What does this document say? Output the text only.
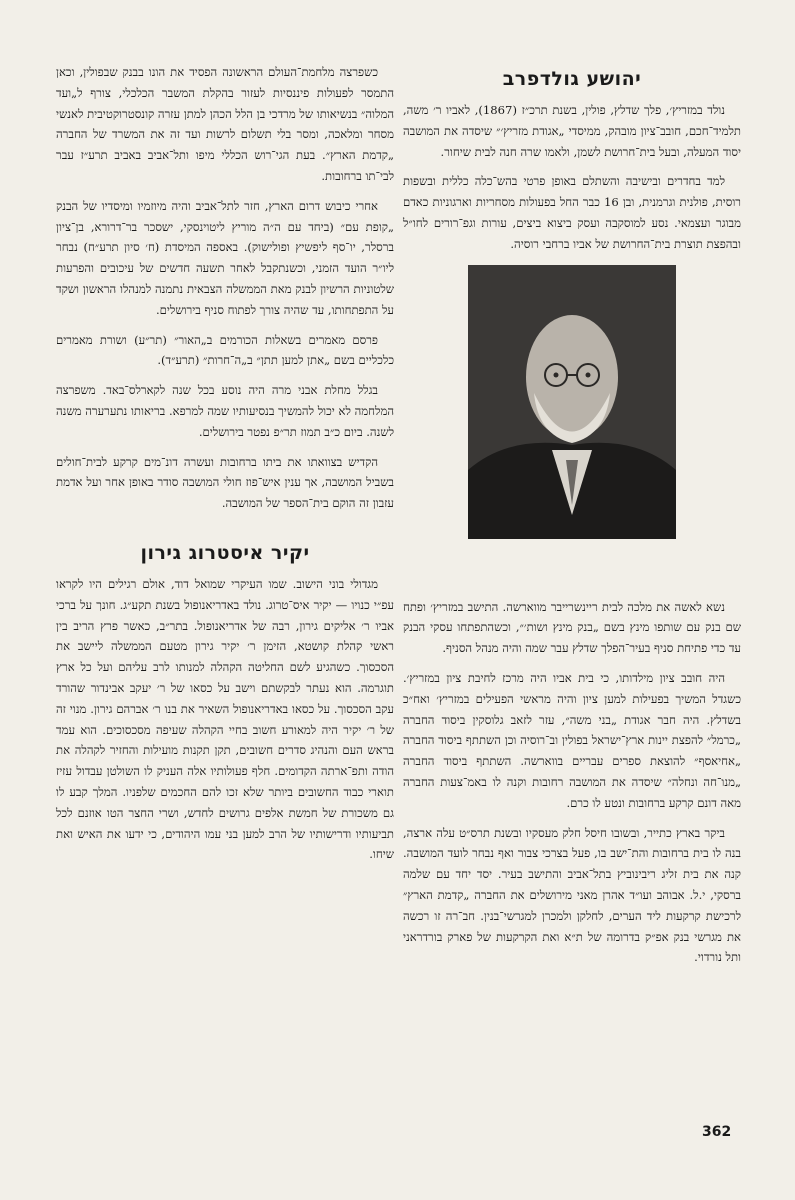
יהושע גולדפרב

נולד במזריץ׳, פלך שדלץ, פולין, בשנת תרכ״ז (1867), לאביו ר׳ משה, תלמיד־חכם, חובב־ציון מובהק, ממיסדי „אגודת מזריץ׳״ שיסדה את המושבה יסוד המעלה, ובעל בית־חרושת לשמן, ולאמו שרה חנה לבית שיחור.

למד בחדרים ובישיבה והשתלם באופן פרטי בהש־כלה כללית ובשפות רוסית, פולנית וגרמנית, ובן 16 כבר החל בפעולות מסחריות וארגוניות כאדם מבוגר ועצמאי. נסע למוסקבה ועסק ביצוא ביצים, עורות וגפ־רורים לחו״ל ובהפצת תוצרת בית־החרושת של אביו ברחבי רוסיה.

נשא לאשה את מלכה לבית ריינשרייבר מווארשה. התישב במזריץ׳ ופתח שם בנק עם שותפו מינץ בשם „בנק מינץ ושות׳״, וכשהתפתחו עסקי הבנק עד כדי פתיחת סניף בעיר־הפלך שדלץ עבר שמה והיה מנהל הסניף.

היה חובב ציון מילדותו, כי בית אביו היה מרכז לחיבת ציון במזריץ׳. כשגדל המשיך בפעילות למען ציון והיה מראשי הפעילים במזריץ׳ ואח״כ בשדלץ. היה חבר אגודת „בני משה״, עזר לזאב גלוסקין ביסוד החברה „כרמל״ להפצת יינות ארץ־ישראל בפולין וב־רוסיה וכן השתתף ביסוד החברה „אחיאסף״ להוצאת ספרים עבריים בווארשה. השתתף ביסוד החברה „מנו־חה ונחלה״ שיסדה את המושבה רחובות וקנה לו באמ־צעות החברה מאה דונם קרקע ברחובות ונטע לו כרם.

ביקר בארץ כתייר, ובשובו חיסל חלק מעסקיו ובשנת תרס״ט עלה ארצה, בנה לו בית ברחובות והת־ישב בו, פעל בצרכי צבור ואף נבחר לועד המושבה. קנה את בית זליג ריבינוביץ בתל־אביב והתישב בעיר. יסד יחד עם שלמה ברסקי, י.ל. אבוהב ועו״ד אהרן מאני מירושלים את החברה „קדמת הארץ״ לרכישת קרקעות ליד הערים, לחלקן ולמכרן למגרשי־בנין. חב־רה זו רכשה את מגרשי בנק אפ״ק בדרומה של ת״א ואת הקרקעות של פארק בורדראני ותל נורדוי.

כשפרצה מלחמת־העולם הראשונה הפסיד את הונו בבנק שבפולין, וכאן התמסר לפעולות פיננסיות לעזור בהקלת המשבר הכלכלי, צורף ל„ועד המלוה״ בנשיאותו של מרדכי בן הלל הכהן למתן עזרה קונסטרוקטיבית לאנשי מסחר ומלאכה, ומסר בלי תשלום לרשות ועד זה את המשרד של החברה „קדמת הארץ״. בעת הגי־רוש הכללי מיפו ותל־אביב באביב תרע״ז עבר לבי־תו ברחובות.

אחרי כיבוש דרום הארץ, חזר לתל־אביב והיה מיוזמיו ומיסדיו של הבנק „קופת עם״ (ביחד עם ה״ה מוריץ ליטוינסקי, ישסכר בר־דרורא, בן־ציון ברסלר, יו־סף ליפשיץ ופולישוק). באספה המיסדת (ח׳ סיון תרע״ח) נבחר ליו״ר הועד הזמני, וכשנתקבל לאחר תשעה חדשים של עיכובים והפרעות שלטוניות הרשיון לבנק מאת הממשלה הצבאית נתמנה למנהלו הראשון ושקד על התפתחותו, עד שהיה צורך לפתוח סניף בירושלים.

פרסם מאמרים בשאלות הכורמים ב„האור״ (תר״ע) ושורת מאמרים כלכליים בשם „אתן למען תתן״ ב„ה־חרות״ (תרע״ד).

בגלל מחלת אבני מרה היה נוסע בכל שנה לקארלס־באד. משפרצה המלחמה לא יכול להמשיך בנסיעותיו שמה למרפא. בריאותו נתערערה משנה לשנה. ביום כ״ב תמוז תר״פ נפטר בירושלים.

הקדיש בצוואתו את ביתו ברחובות ועשרה דונ־מים קרקע לבית־חולים בשביל המושבה, אך ענין איש־פוז חולי המושבה סודר באופן אחר ועל אדמת עזבון זה הוקם בית־הספר של המושבה.

יקיר איסטרוג גירון

מגדולי בוני הישוב. שמו העיקרי שמואל דוד, אולם רגילים היו לקראו עפ״י כנויו — יקיר איס־טרוג. נולד באדריאנופול בשנת תקע״ג. חונך על ברכי אביו ר׳ אליקים גירון, רבה של אדריאנופול. בתר״ב, כאשר פרץ הריב בין ראשי קהלת קושטא, הזימן ר׳ יקיר גירון מטעם הממשלה ליישב את הסכסוך. כשהגיע לשם החליטה הקהלה למנותו לרב עליהם ועל כל ארץ תוגרמה. הוא נעתר לבקשתם וישב על כסאו של ר׳ יעקב אבינדור שהורד עקב הסכסוך. על כסאו באדריאנופול השאיר את בנו ר׳ אברהם גירון. מנוי זה של ר׳ יקיר היה למאורע חשוב בחיי הקהלה שעיפה מסכסוכים. הוא עמד בראש העם והנהיג סדרים חשובים, תקן תקנות מועילות והחזיר לקהלה את הודה ותפ־ארתה הקדומים. חלף פעולותיו אלה העניק לו השולטן עבדול עזיז תוארי כבוד החשובים ביותר שלא זכו להם החכמים שלפניו. המלך קבע לו גם משכורת של חמשת אלפים גרושים לחדש, ושרי החצר הטו אוזנם לכל תביעותיו ודרישותיו של הרב למען בני עמו היהודים, כי ידעו את האיש ואת שיחו.

362
